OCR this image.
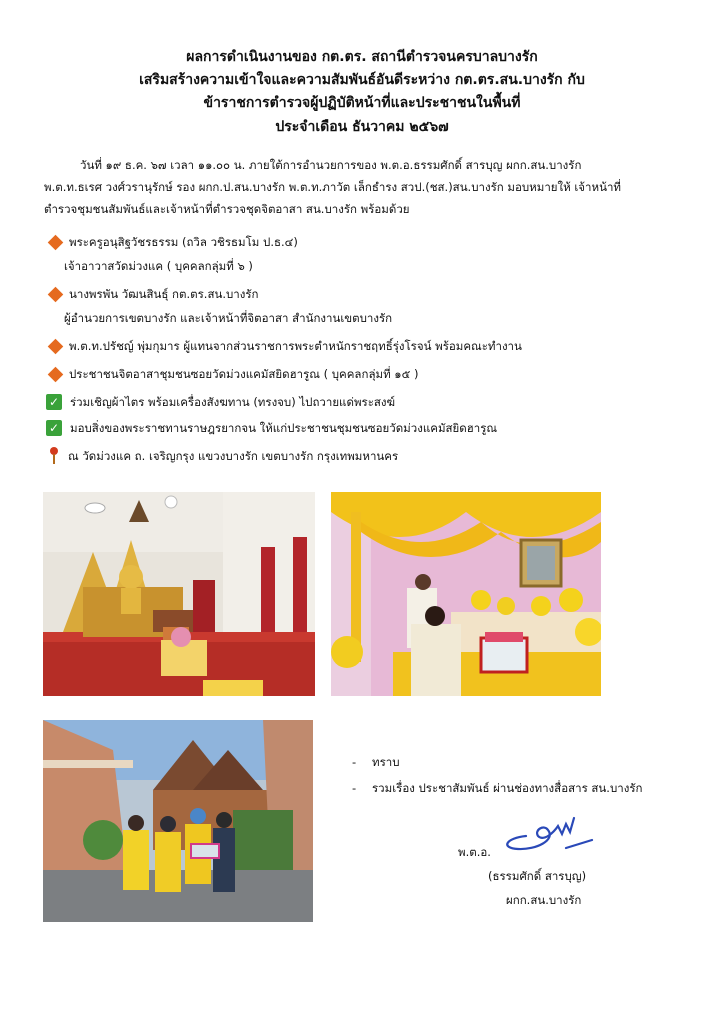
ผลการดำเนินงานของ กต.ตร. สถานีตำรวจนครบาลบางรัก
เสริมสร้างความเข้าใจและความสัมพันธ์อันดีระหว่าง กต.ตร.สน.บางรัก กับ
ข้าราชการตำรวจผู้ปฏิบัติหน้าที่และประชาชนในพื้นที่
ประจำเดือน ธันวาคม ๒๕๖๗
วันที่ ๑๙ ธ.ค. ๖๗ เวลา ๑๑.๐๐ น. ภายใต้การอำนวยการของ พ.ต.อ.ธรรมศักดิ์ สารบุญ ผกก.สน.บางรัก
พ.ต.ท.ธเรศ วงศ์วรานุรักษ์ รอง ผกก.ป.สน.บางรัก พ.ต.ท.ภาวัต เล็กธำรง สวป.(ชส.)สน.บางรัก มอบหมายให้ เจ้าหน้าที่
ตำรวจชุมชนสัมพันธ์และเจ้าหน้าที่ตำรวจชุดจิตอาสา สน.บางรัก พร้อมด้วย
พระครูอนุสิฐวัชรธรรม (ถวิล วชิรธมโม ป.ธ.๔)
เจ้าอาวาสวัดม่วงแค ( บุคคลกลุ่มที่ ๖ )
นางพรพัน วัฒนสินธุ์ กต.ตร.สน.บางรัก
ผู้อำนวยการเขตบางรัก และเจ้าหน้าที่จิตอาสา สำนักงานเขตบางรัก
พ.ต.ท.ปรัชญ์ พุ่มกุมาร ผู้แทนจากส่วนราชการพระตำหนักราชฤทธิ์รุ่งโรจน์ พร้อมคณะทำงาน
ประชาชนจิตอาสาชุมชนซอยวัดม่วงแคมัสยิดฮารูณ ( บุคคลกลุ่มที่ ๑๕ )
✓ ร่วมเชิญผ้าไตร พร้อมเครื่องสังฆทาน (ทรงจบ) ไปถวายแด่พระสงฆ์
✓ มอบสิ่งของพระราชทานราษฎรยากจน ให้แก่ประชาชนชุมชนซอยวัดม่วงแคมัสยิดฮารูณ
ณ วัดม่วงแค ถ. เจริญกรุง แขวงบางรัก เขตบางรัก กรุงเทพมหานคร
- ทราบ
- รวมเรื่อง ประชาสัมพันธ์ ผ่านช่องทางสื่อสาร สน.บางรัก
พ.ต.อ.
(ธรรมศักดิ์ สารบุญ)
ผกก.สน.บางรัก
